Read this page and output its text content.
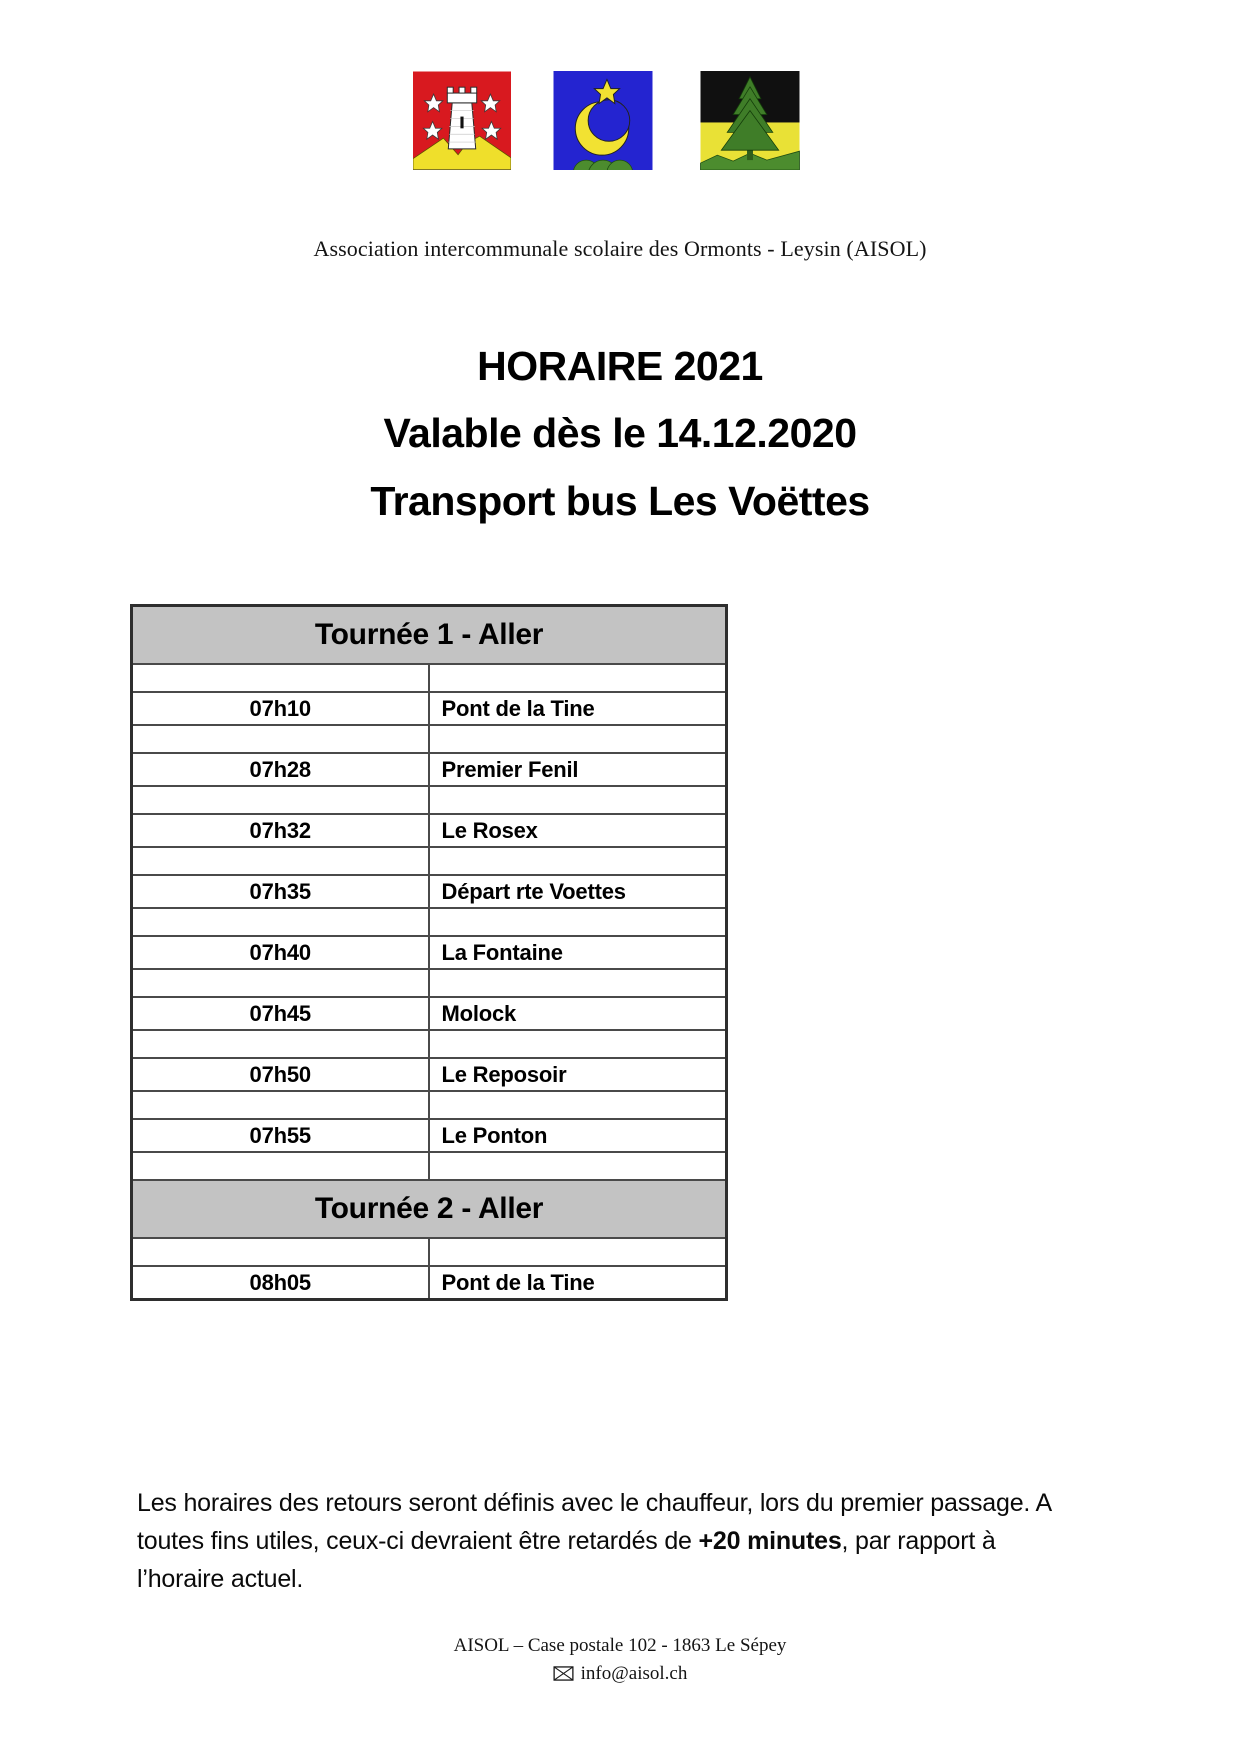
Association intercommunale scolaire des Ormonts - Leysin (AISOL)
HORAIRE 2021
Valable dès le 14.12.2020
Transport bus Les Voëttes
Tournée 1 - Aller	

07h10	Pont de la Tine

07h28	Premier Fenil

07h32	Le Rosex

07h35	Départ rte Voettes

07h40	La Fontaine

07h45	Molock

07h50	Le Reposoir

07h55	Le Ponton

Tournée 2 - Aller	

08h05	Pont de la Tine
Les horaires des retours seront définis avec le chauffeur, lors du premier passage. A
toutes fins utiles, ceux-ci devraient être retardés de +20 minutes, par rapport à
l’horaire actuel.
AISOL – Case postale 102 - 1863 Le Sépey
info@aisol.ch
